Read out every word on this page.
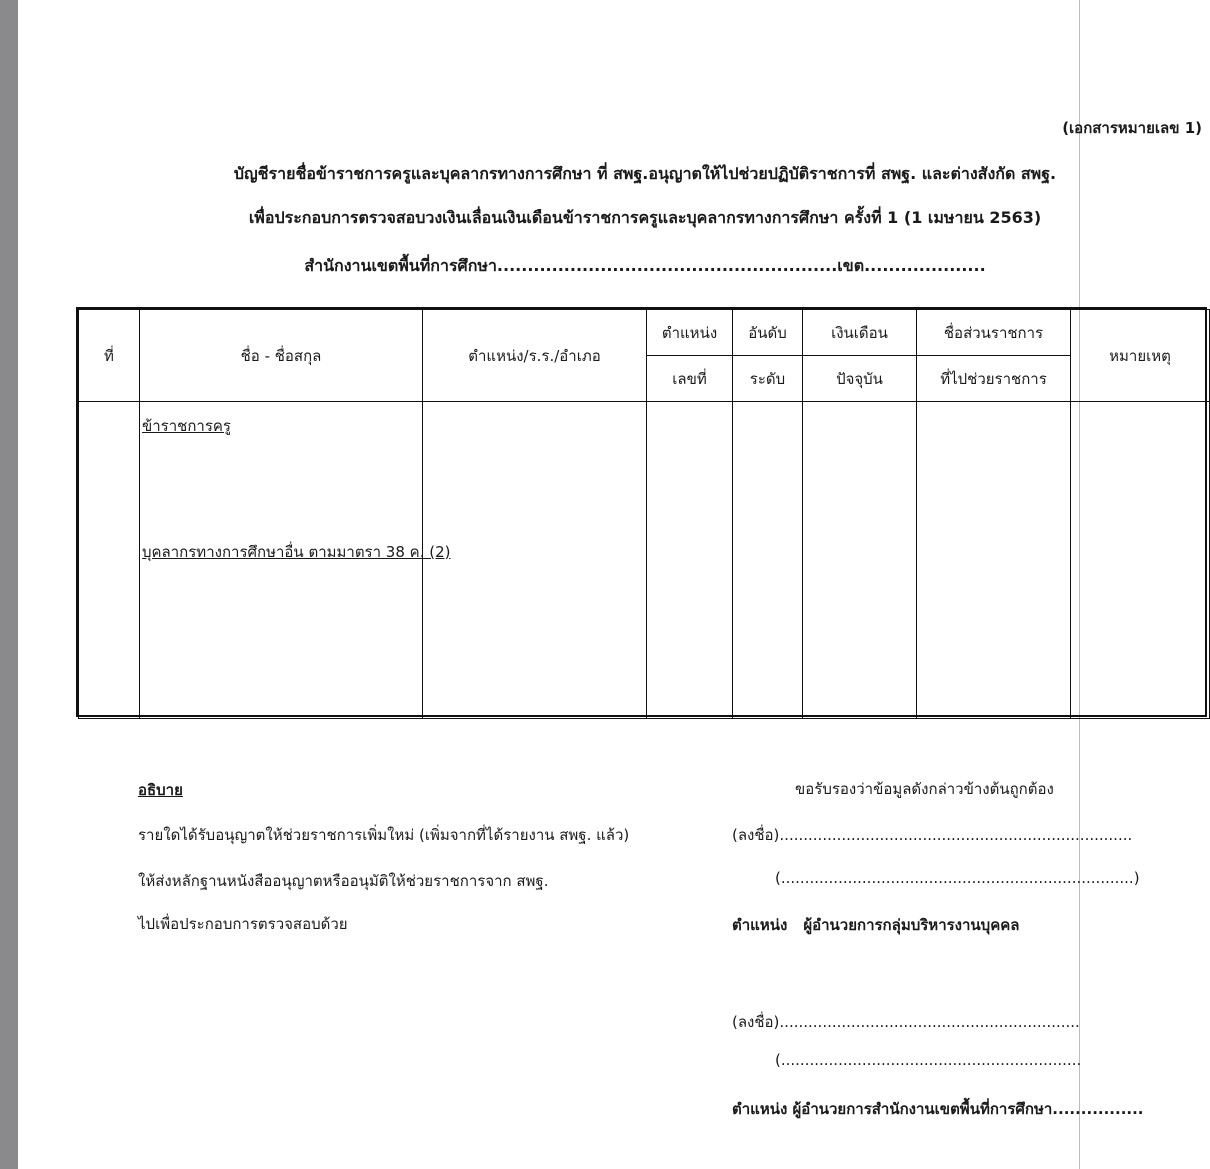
(เอกสารหมายเลข 1)
บัญชีรายชื่อข้าราชการครูและบุคลากรทางการศึกษา ที่ สพฐ.อนุญาตให้ไปช่วยปฏิบัติราชการที่ สพฐ. และต่างสังกัด สพฐ.
เพื่อประกอบการตรวจสอบวงเงินเลื่อนเงินเดือนข้าราชการครูและบุคลากรทางการศึกษา ครั้งที่ 1 (1 เมษายน 2563)
สำนักงานเขตพื้นที่การศึกษา........................................................เขต....................
ที่	ชื่อ - ชื่อสกุล	ตำแหน่ง/ร.ร./อำเภอ	ตำแหน่ง	อันดับ	เงินเดือน	ชื่อส่วนราชการ	หมายเหตุ
			เลขที่	ระดับ	ปัจจุบัน	ที่ไปช่วยราชการ	

	ข้าราชการครู
บุคลากรทางการศึกษาอื่น ตามมาตรา 38 ค. (2)						

อธิบาย
รายใดได้รับอนุญาตให้ช่วยราชการเพิ่มใหม่ (เพิ่มจากที่ได้รายงาน สพฐ. แล้ว)
ให้ส่งหลักฐานหนังสืออนุญาตหรืออนุมัติให้ช่วยราชการจาก สพฐ.
ไปเพื่อประกอบการตรวจสอบด้วย
ขอรับรองว่าข้อมูลดังกล่าวข้างต้นถูกต้อง
(ลงชื่อ)..........................................................................
(..........................................................................)
ตำแหน่ง ผู้อำนวยการกลุ่มบริหารงานบุคคล
(ลงชื่อ)...............................................................
(...............................................................
ตำแหน่ง ผู้อำนวยการสำนักงานเขตพื้นที่การศึกษา................
